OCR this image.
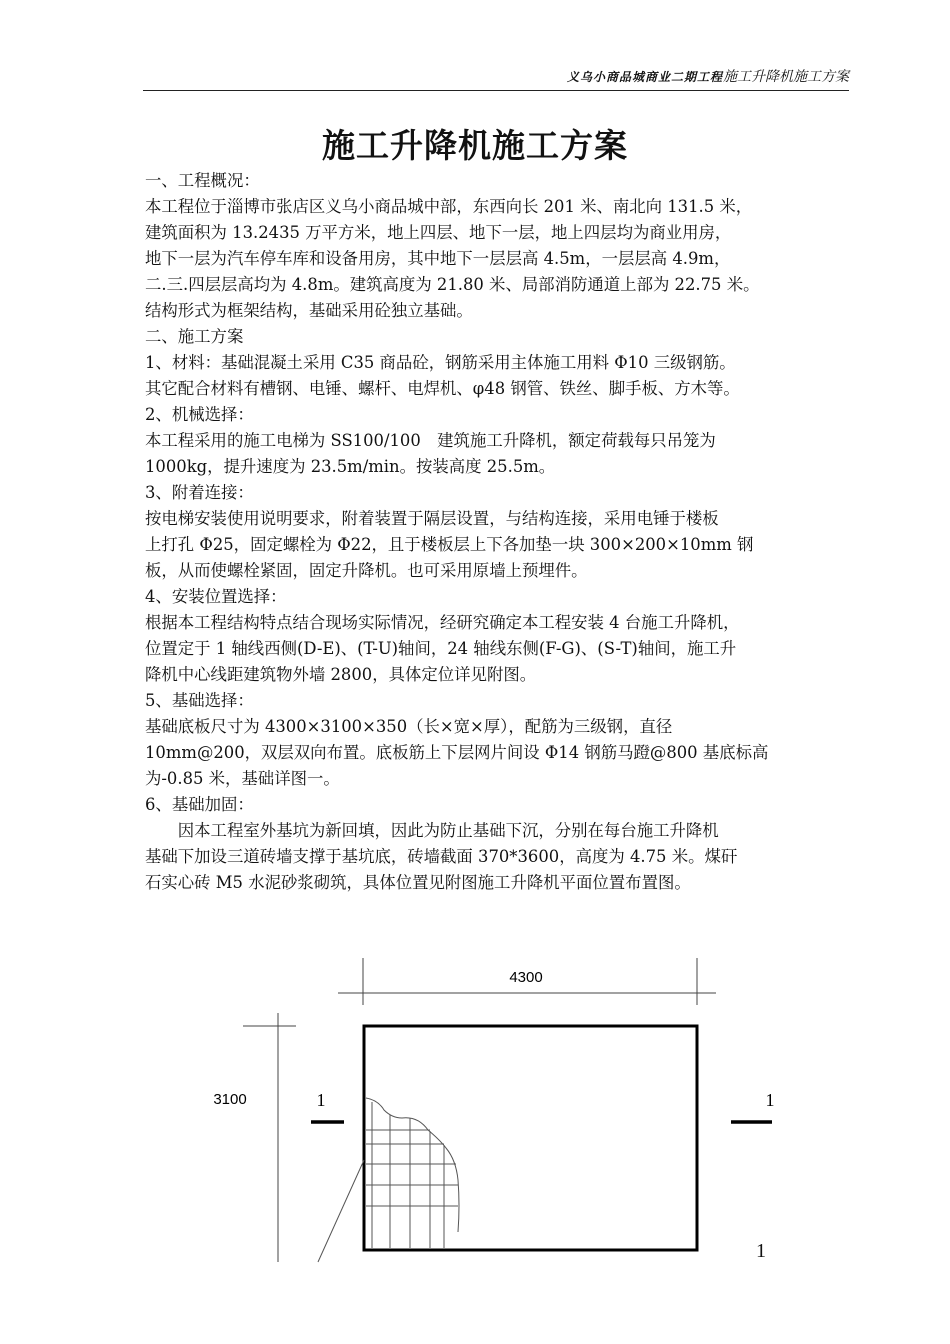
义乌小商品城商业二期工程施工升降机施工方案
施工升降机施工方案
一、工程概况：
本工程位于淄博市张店区义乌小商品城中部，东西向长 201 米、南北向 131.5 米，
建筑面积为 13.2435 万平方米，地上四层、地下一层，地上四层均为商业用房，
地下一层为汽车停车库和设备用房，其中地下一层层高 4.5m，一层层高 4.9m，
二.三.四层层高均为 4.8m。建筑高度为 21.80 米、局部消防通道上部为 22.75 米。
结构形式为框架结构，基础采用砼独立基础。
二、施工方案
1、材料：基础混凝土采用 C35 商品砼，钢筋采用主体施工用料 Φ10 三级钢筋。
其它配合材料有槽钢、电锤、螺杆、电焊机、φ48 钢管、铁丝、脚手板、方木等。
2、机械选择：
本工程采用的施工电梯为 SS100/100　建筑施工升降机，额定荷载每只吊笼为
1000kg，提升速度为 23.5m/min。按装高度 25.5m。
3、附着连接：
按电梯安装使用说明要求，附着装置于隔层设置，与结构连接，采用电锤于楼板
上打孔 Φ25，固定螺栓为 Φ22，且于楼板层上下各加垫一块 300×200×10mm 钢
板，从而使螺栓紧固，固定升降机。也可采用原墙上预埋件。
4、安装位置选择：
根据本工程结构特点结合现场实际情况，经研究确定本工程安装 4 台施工升降机，
位置定于 1 轴线西侧(D-E)、(T-U)轴间，24 轴线东侧(F-G)、(S-T)轴间，施工升
降机中心线距建筑物外墙 2800，具体定位详见附图。
5、基础选择：
基础底板尺寸为 4300×3100×350（长×宽×厚），配筋为三级钢，直径
10mm@200，双层双向布置。底板筋上下层网片间设 Φ14 钢筋马蹬@800 基底标高
为-0.85 米，基础详图一。
6、基础加固：
　　因本工程室外基坑为新回填，因此为防止基础下沉，分别在每台施工升降机
基础下加设三道砖墙支撑于基坑底，砖墙截面 370*3600，高度为 4.75 米。煤矸
石实心砖 M5 水泥砂浆砌筑，具体位置见附图施工升降机平面位置布置图。
4300
3100	1	1
1
